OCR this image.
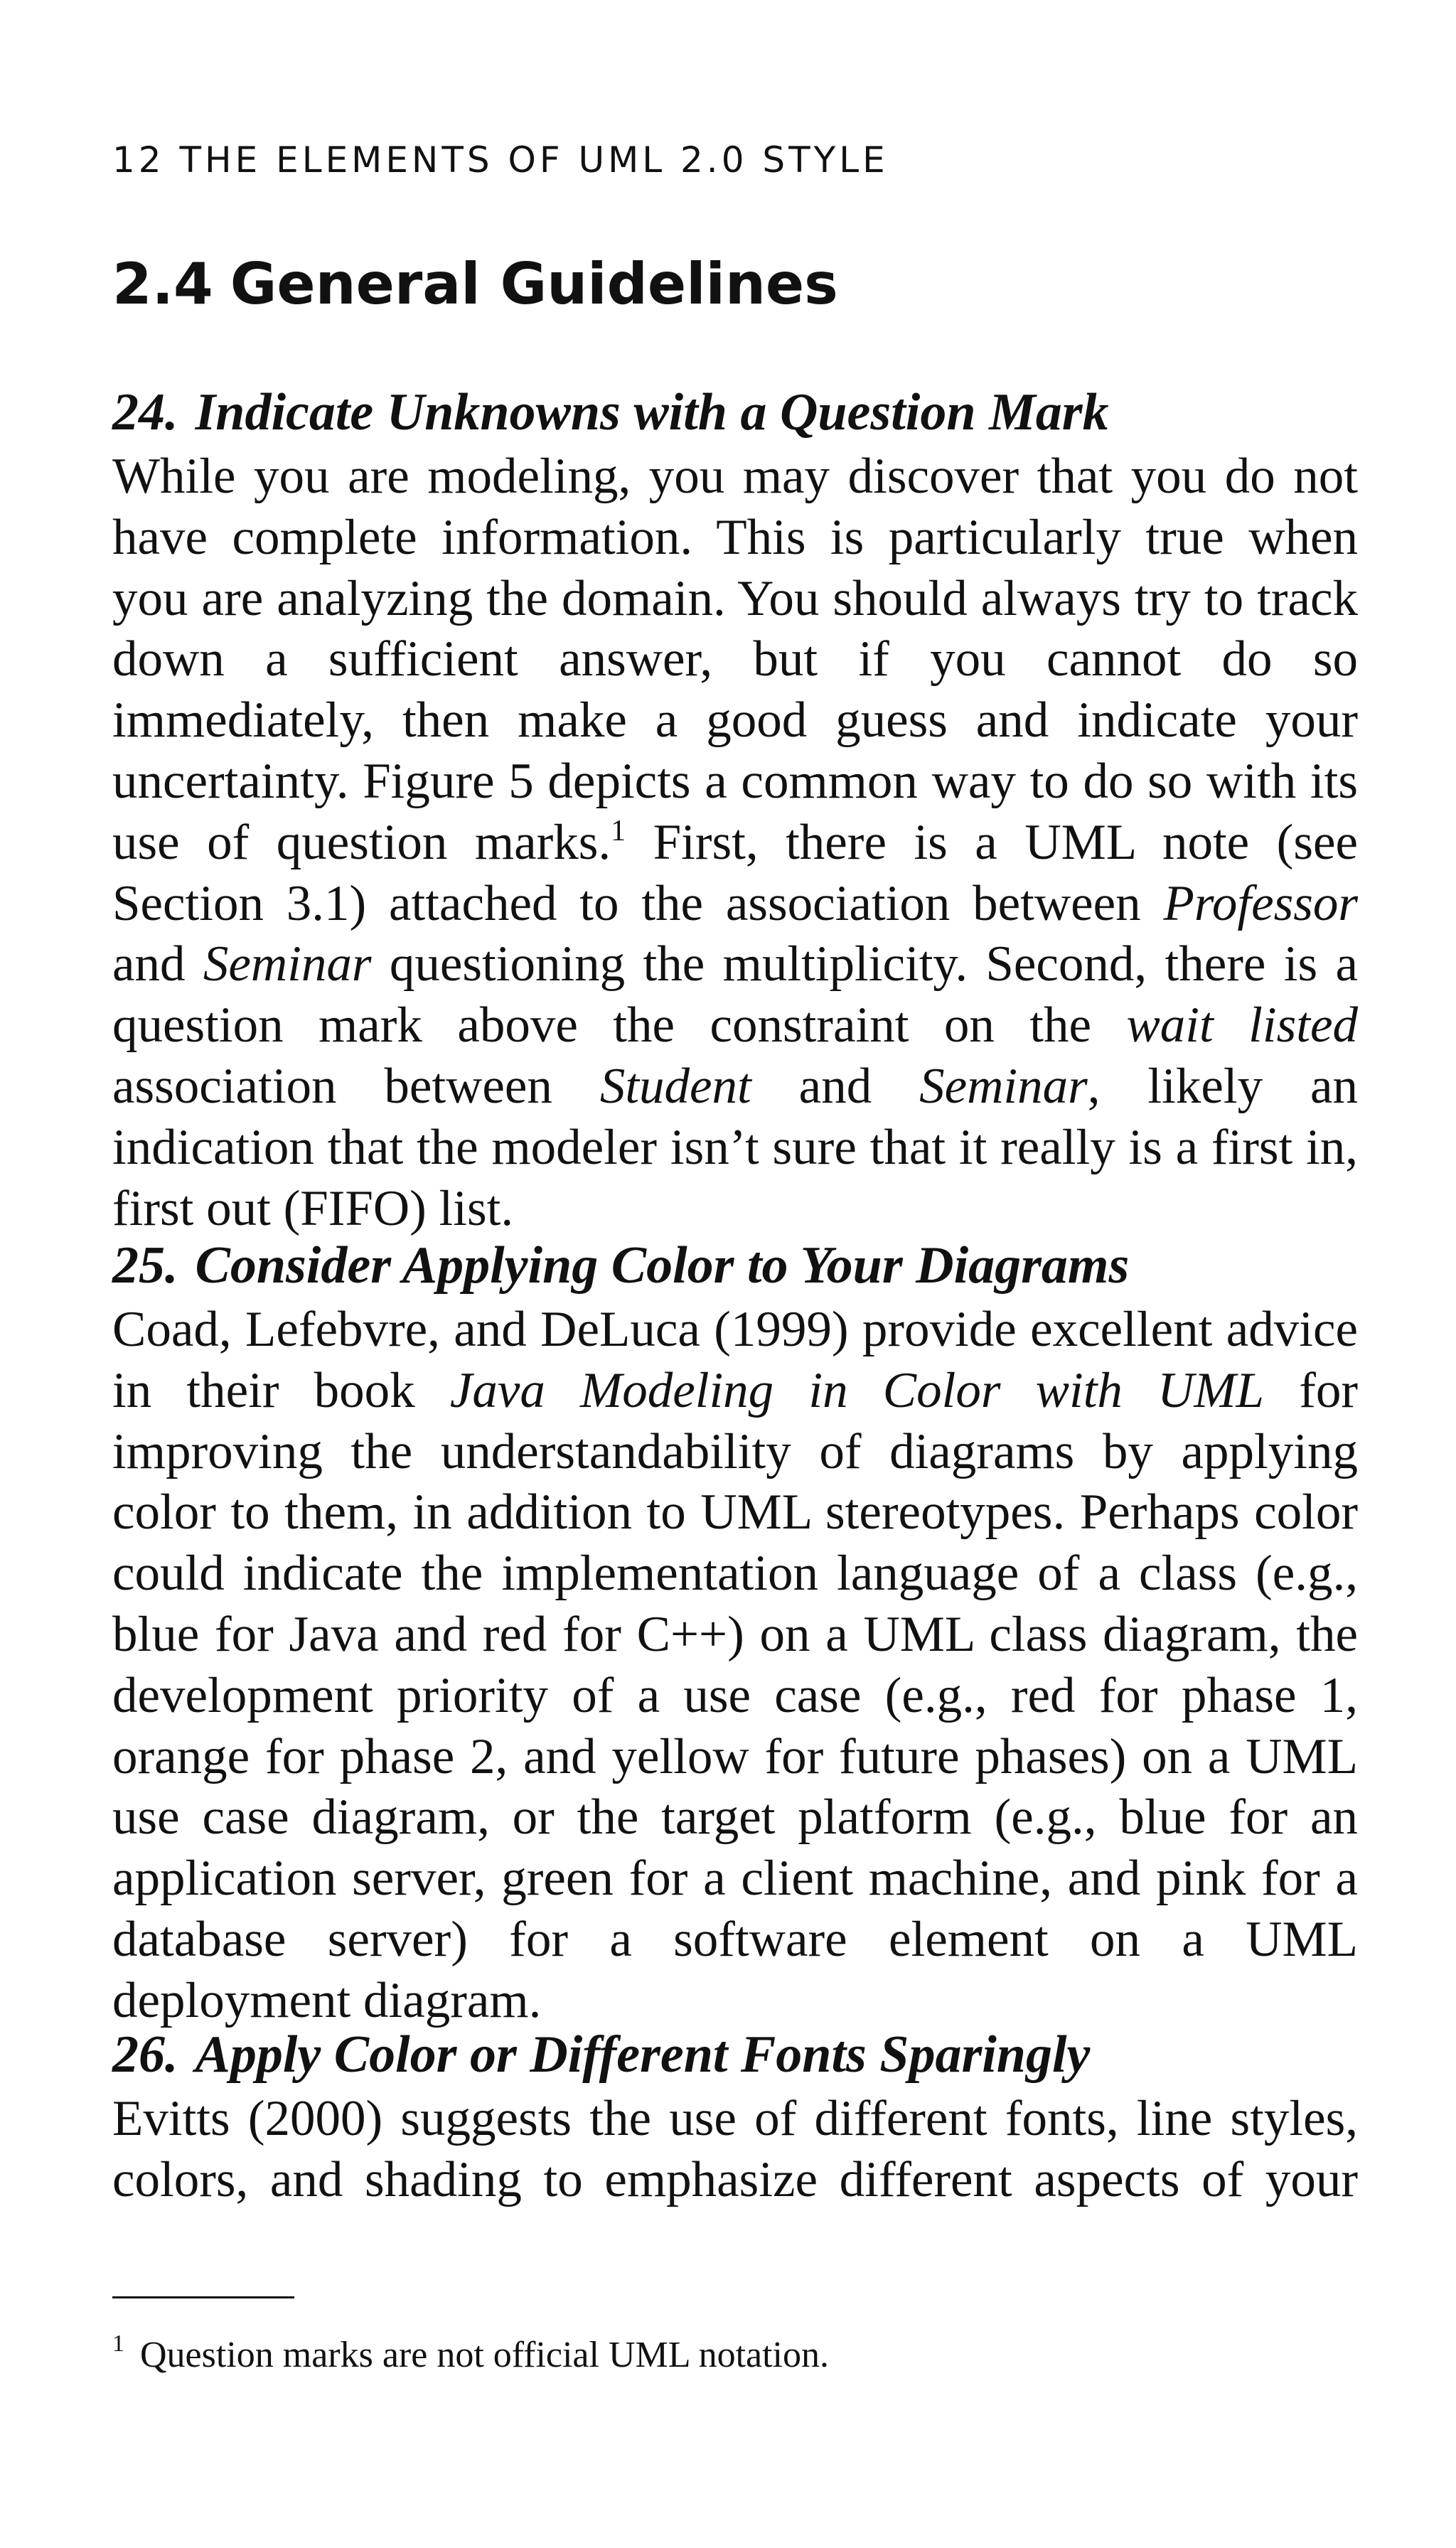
12 THE ELEMENTS OF UML 2.0 STYLE
2.4 General Guidelines
24. Indicate Unknowns with a Question Mark

While you are modeling, you may discover that you do not have complete information. This is particularly true when you are analyzing the domain. You should always try to track down a sufficient answer, but if you cannot do so immediately, then make a good guess and indicate your uncertainty. Figure 5 depicts a common way to do so with its use of question marks.$^1$ First, there is a UML note (see Section 3.1) attached to the association between Professor and Seminar questioning the multiplicity. Second, there is a question mark above the constraint on the wait listed association between Student and Seminar, likely an indication that the modeler isn’t sure that it really is a first in, first out (FIFO) list.

25. Consider Applying Color to Your Diagrams

Coad, Lefebvre, and DeLuca (1999) provide excellent advice in their book Java Modeling in Color with UML for improving the understandability of diagrams by applying color to them, in addition to UML stereotypes. Perhaps color could indicate the implementation language of a class (e.g., blue for Java and red for C++) on a UML class diagram, the development priority of a use case (e.g., red for phase 1, orange for phase 2, and yellow for future phases) on a UML use case diagram, or the target platform (e.g., blue for an application server, green for a client machine, and pink for a database server) for a software element on a UML deployment diagram.

26. Apply Color or Different Fonts Sparingly

Evitts (2000) suggests the use of different fonts, line styles, colors, and shading to emphasize different aspects of your

$^1$ Question marks are not official UML notation.
